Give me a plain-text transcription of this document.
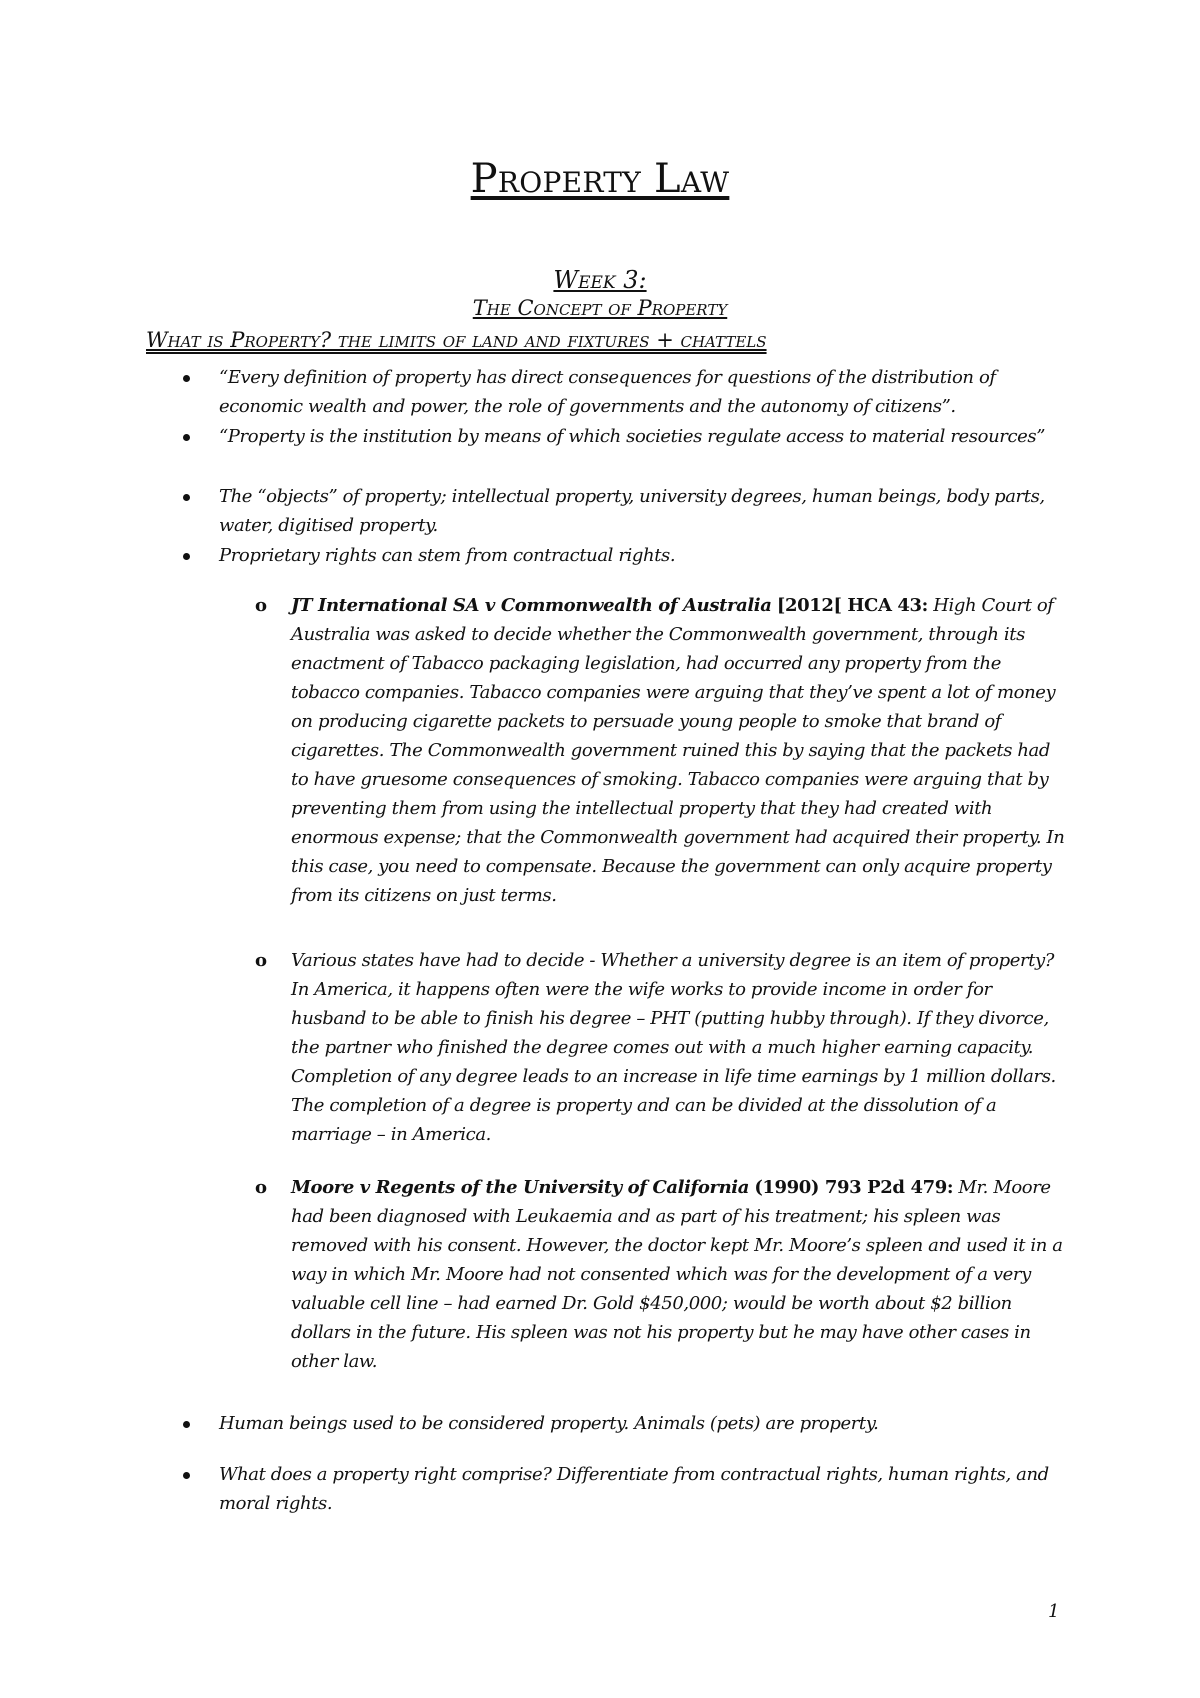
Property Law
Week 3:
The Concept of Property
What is Property? the limits of land and fixtures + chattels
“Every definition of property has direct consequences for questions of the distribution of economic wealth and power, the role of governments and the autonomy of citizens”.
“Property is the institution by means of which societies regulate access to material resources”
The “objects” of property; intellectual property, university degrees, human beings, body parts, water, digitised property.
Proprietary rights can stem from contractual rights.
o JT International SA v Commonwealth of Australia [2012[ HCA 43: High Court of Australia was asked to decide whether the Commonwealth government, through its enactment of Tabacco packaging legislation, had occurred any property from the tobacco companies. Tabacco companies were arguing that they’ve spent a lot of money on producing cigarette packets to persuade young people to smoke that brand of cigarettes. The Commonwealth government ruined this by saying that the packets had to have gruesome consequences of smoking. Tabacco companies were arguing that by preventing them from using the intellectual property that they had created with enormous expense; that the Commonwealth government had acquired their property. In this case, you need to compensate. Because the government can only acquire property from its citizens on just terms.
o Various states have had to decide - Whether a university degree is an item of property? In America, it happens often were the wife works to provide income in order for husband to be able to finish his degree – PHT (putting hubby through). If they divorce, the partner who finished the degree comes out with a much higher earning capacity. Completion of any degree leads to an increase in life time earnings by 1 million dollars. The completion of a degree is property and can be divided at the dissolution of a marriage – in America.
o Moore v Regents of the University of California (1990) 793 P2d 479: Mr. Moore had been diagnosed with Leukaemia and as part of his treatment; his spleen was removed with his consent. However, the doctor kept Mr. Moore’s spleen and used it in a way in which Mr. Moore had not consented which was for the development of a very valuable cell line – had earned Dr. Gold $450,000; would be worth about $2 billion dollars in the future. His spleen was not his property but he may have other cases in other law.
Human beings used to be considered property. Animals (pets) are property.
What does a property right comprise? Differentiate from contractual rights, human rights, and moral rights.
1
